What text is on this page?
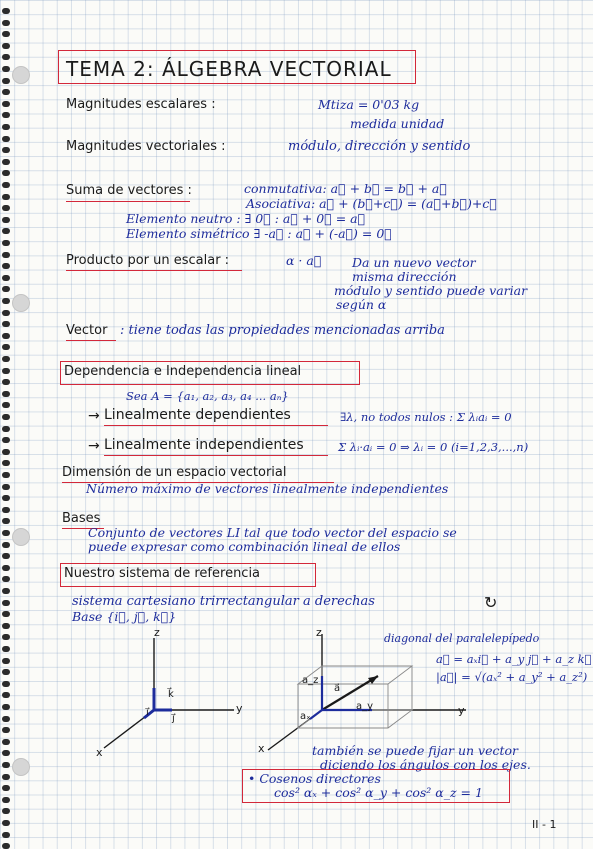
TEMA 2: ÁLGEBRA VECTORIAL
Magnitudes escalares :	Mtiza = 0'03 kg
medida unidad
Magnitudes vectoriales :	módulo, dirección y sentido
Suma de vectores :	conmutativa: a⃗ + b⃗ = b⃗ + a⃗
Asociativa: a⃗ + (b⃗+c⃗) = (a⃗+b⃗)+c⃗
Elemento neutro : ∃ 0⃗ : a⃗ + 0⃗ = a⃗
Elemento simétrico ∃ -a⃗ : a⃗ + (-a⃗) = 0⃗
Producto por un escalar :	α · a⃗ Da un nuevo vector
misma dirección
módulo y sentido puede variar
según α
Vector : tiene todas las propiedades mencionadas arriba
Dependencia e Independencia lineal
Sea A = {a₁, a₂, a₃, a₄ ... aₙ}
→ Linealmente dependientes	∃λ, no todos nulos : Σ λᵢaᵢ = 0
→ Linealmente independientes	Σ λᵢ·aᵢ = 0 ⇒ λᵢ = 0 (i=1,2,3,...,n)
Dimensión de un espacio vectorial
Número máximo de vectores linealmente independientes
Bases
Conjunto de vectores LI tal que todo vector del espacio se
puede expresar como combinación lineal de ellos
Nuestro sistema de referencia
sistema cartesiano trirrectangular a derechas
Base {i⃗, j⃗, k⃗}
↻
diagonal del paralelepípedo
a⃗ = aₓi⃗ + a_y j⃗ + a_z k⃗
|a⃗| = √(aₓ² + a_y² + a_z²)
z
y
x
k⃗
j⃗
i⃗
z
y
x
a_z
aₓ
a_y
a⃗
también se puede fijar un vector
diciendo los ángulos con los ejes.
• Cosenos directores
cos² αₓ + cos² α_y + cos² α_z = 1
II - 1
